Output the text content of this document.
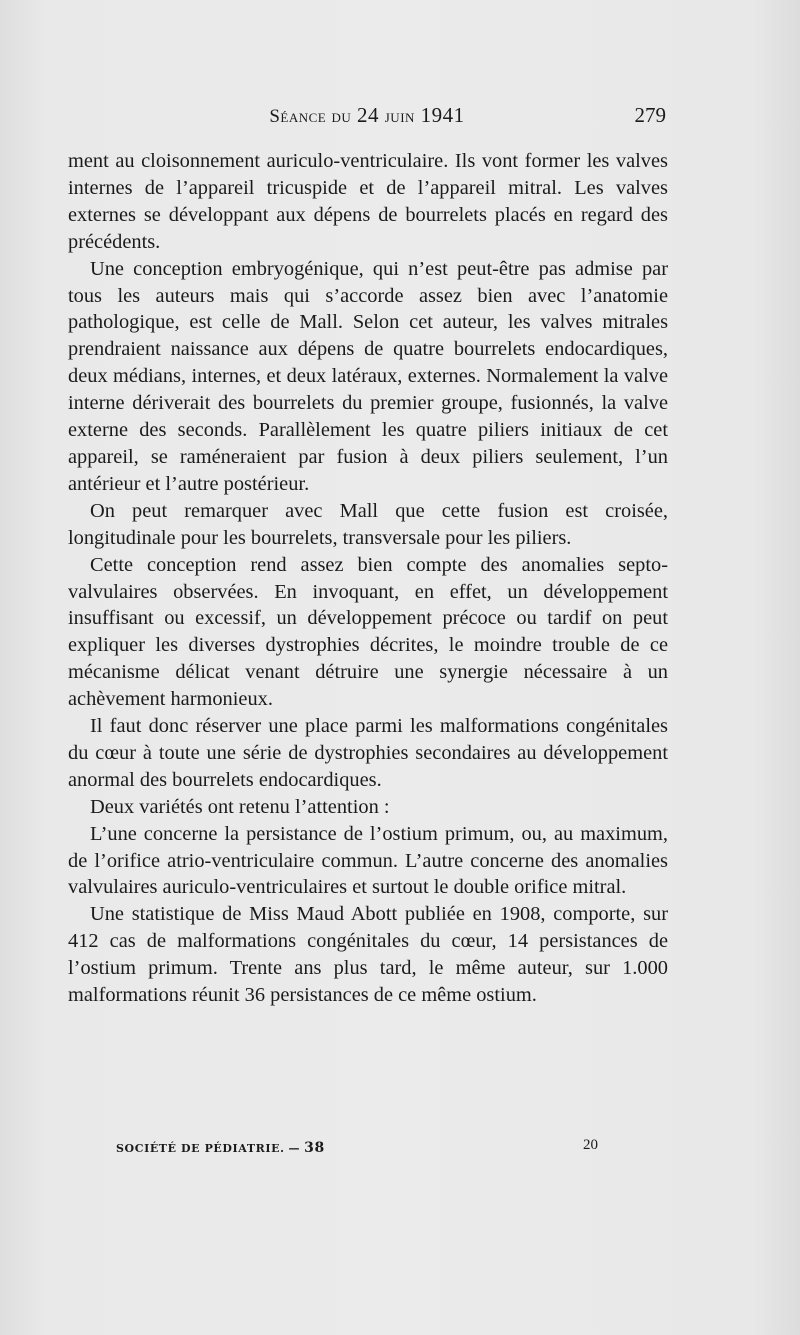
Séance du 24 juin 1941	279

ment au cloisonnement auriculo-ventriculaire. Ils vont former les valves internes de l’appareil tricuspide et de l’appareil mitral. Les valves externes se développant aux dépens de bourrelets placés en regard des précédents.

Une conception embryogénique, qui n’est peut-être pas admise par tous les auteurs mais qui s’accorde assez bien avec l’anatomie pathologique, est celle de Mall. Selon cet auteur, les valves mitrales prendraient naissance aux dépens de quatre bourrelets endocardiques, deux médians, internes, et deux latéraux, externes. Normalement la valve interne dériverait des bourrelets du premier groupe, fusionnés, la valve externe des seconds. Parallèlement les quatre piliers initiaux de cet appareil, se raméneraient par fusion à deux piliers seulement, l’un antérieur et l’autre postérieur.

On peut remarquer avec Mall que cette fusion est croisée, longitudinale pour les bourrelets, transversale pour les piliers.

Cette conception rend assez bien compte des anomalies septo-valvulaires observées. En invoquant, en effet, un développement insuffisant ou excessif, un développement précoce ou tardif on peut expliquer les diverses dystrophies décrites, le moindre trouble de ce mécanisme délicat venant détruire une synergie nécessaire à un achèvement harmonieux.

Il faut donc réserver une place parmi les malformations congénitales du cœur à toute une série de dystrophies secondaires au développement anormal des bourrelets endocardiques.

Deux variétés ont retenu l’attention :

L’une concerne la persistance de l’ostium primum, ou, au maximum, de l’orifice atrio-ventriculaire commun. L’autre concerne des anomalies valvulaires auriculo-ventriculaires et surtout le double orifice mitral.

Une statistique de Miss Maud Abott publiée en 1908, comporte, sur 412 cas de malformations congénitales du cœur, 14 persistances de l’ostium primum. Trente ans plus tard, le même auteur, sur 1.000 malformations réunit 36 persistances de ce même ostium.

SOCIÉTÉ DE PÉDIATRIE. — 38	20
